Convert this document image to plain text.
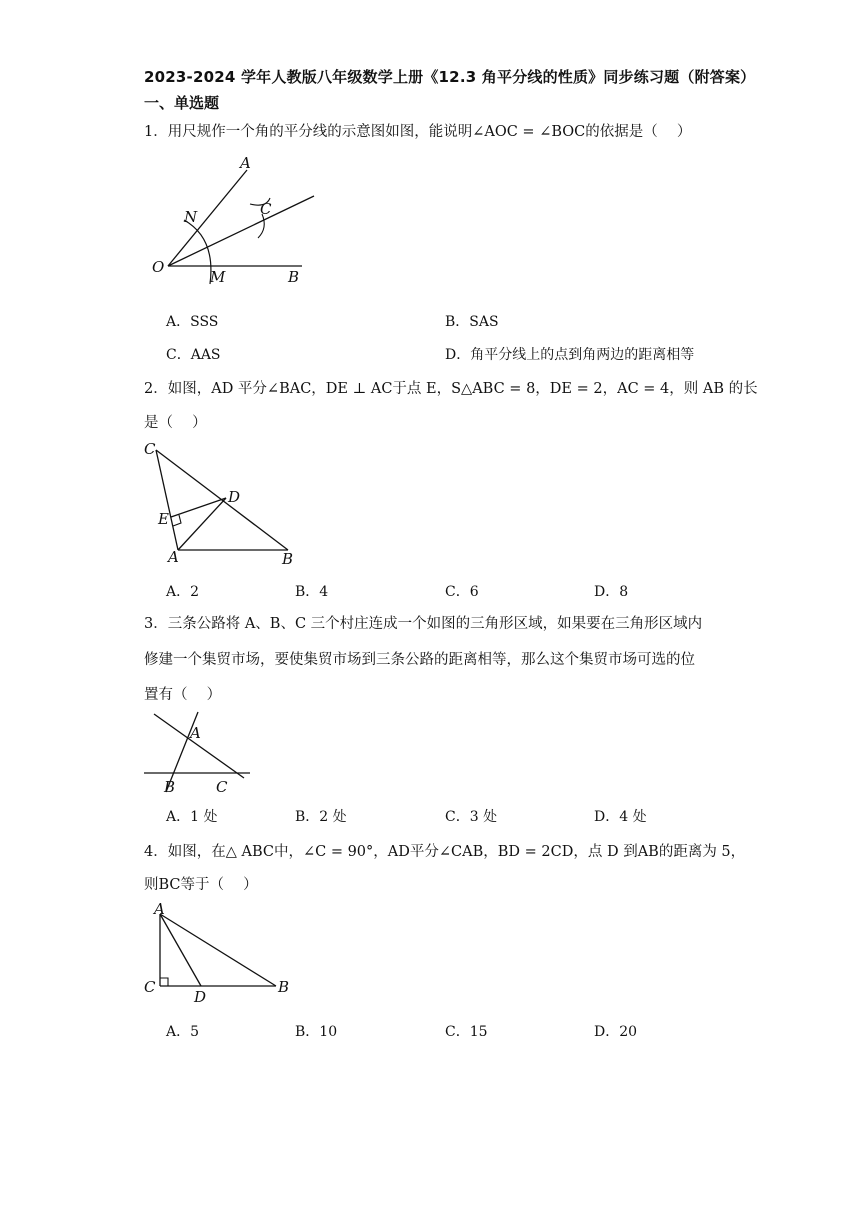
2023-2024 学年人教版八年级数学上册《12.3 角平分线的性质》同步练习题（附答案）
一、单选题
1．用尺规作一个角的平分线的示意图如图，能说明∠AOC = ∠BOC的依据是（　 ）
A
N	C
O
M	B
A．SSS	B．SAS
C．AAS	D．角平分线上的点到角两边的距离相等
2．如图，AD 平分∠BAC，DE ⊥ AC于点 E，S△ABC = 8，DE = 2，AC = 4，则 AB 的长
是（　 ）
C
D
E
A	B
A．2	B．4	C．6	D．8
3．三条公路将 A、B、C 三个村庄连成一个如图的三角形区域，如果要在三角形区域内
修建一个集贸市场，要使集贸市场到三条公路的距离相等，那么这个集贸市场可选的位
置有（　 ）
A
B	C
A．1 处	B．2 处	C．3 处	D．4 处
4．如图，在△ ABC中，∠C = 90°，AD平分∠CAB，BD = 2CD，点 D 到AB的距离为 5，
则BC等于（　 ）
A
C
D
B
A．5	B．10	C．15	D．20
